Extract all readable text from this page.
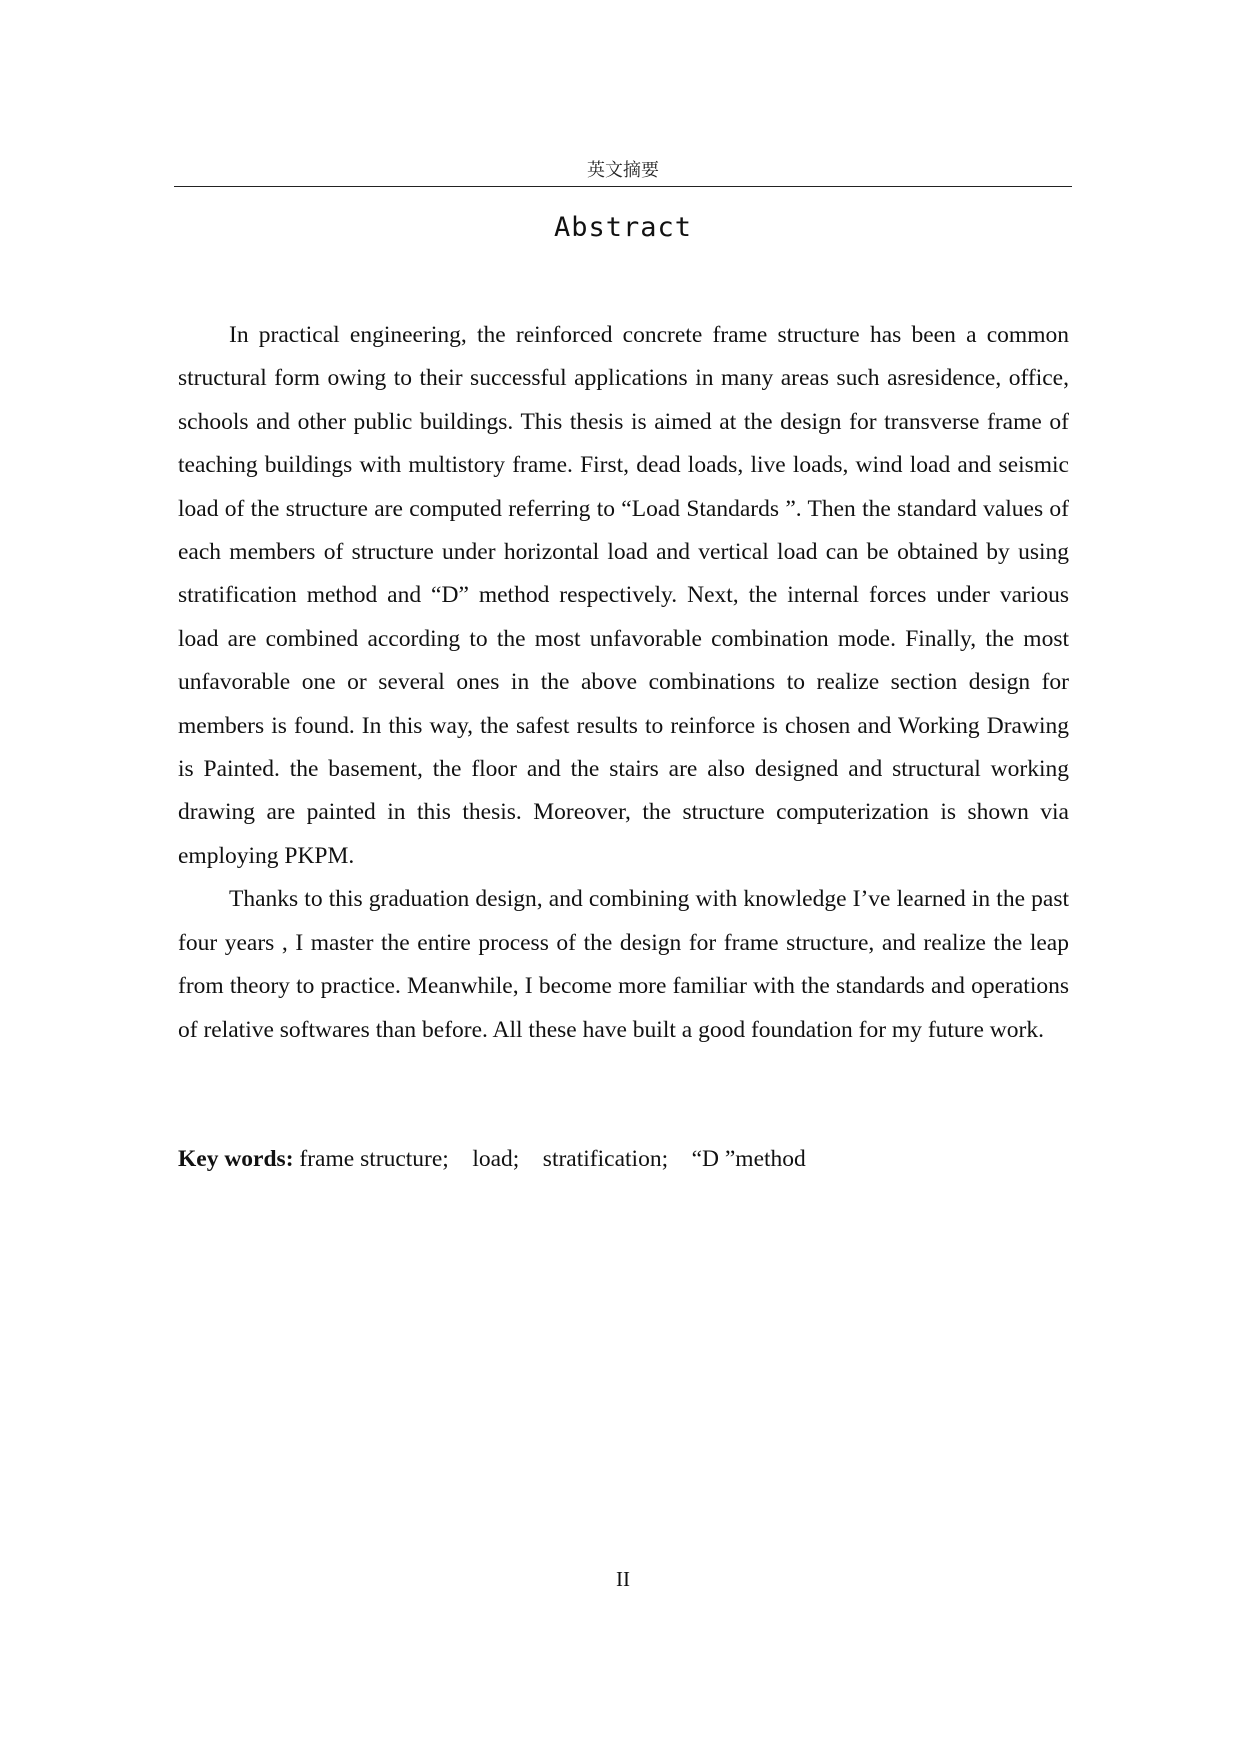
英文摘要
Abstract

In practical engineering, the reinforced concrete frame structure has been a common structural form owing to their successful applications in many areas such asresidence, office, schools and other public buildings. This thesis is aimed at the design for transverse frame of teaching buildings with multistory frame. First, dead loads, live loads, wind load and seismic load of the structure are computed referring to “Load Standards ”. Then the standard values of each members of structure under horizontal load and vertical load can be obtained by using stratification method and “D” method respectively. Next, the internal forces under various load are combined according to the most unfavorable combination mode. Finally, the most unfavorable one or several ones in the above combinations to realize section design for members is found. In this way, the safest results to reinforce is chosen and Working Drawing is Painted. the basement, the floor and the stairs are also designed and structural working drawing are painted in this thesis. Moreover, the structure computerization is shown via employing PKPM.

Thanks to this graduation design, and combining with knowledge I’ve learned in the past four years , I master the entire process of the design for frame structure, and realize the leap from theory to practice. Meanwhile, I become more familiar with the standards and operations of relative softwares than before. All these have built a good foundation for my future work.

Key words: frame structure;    load;    stratification;    “D ”method
II
